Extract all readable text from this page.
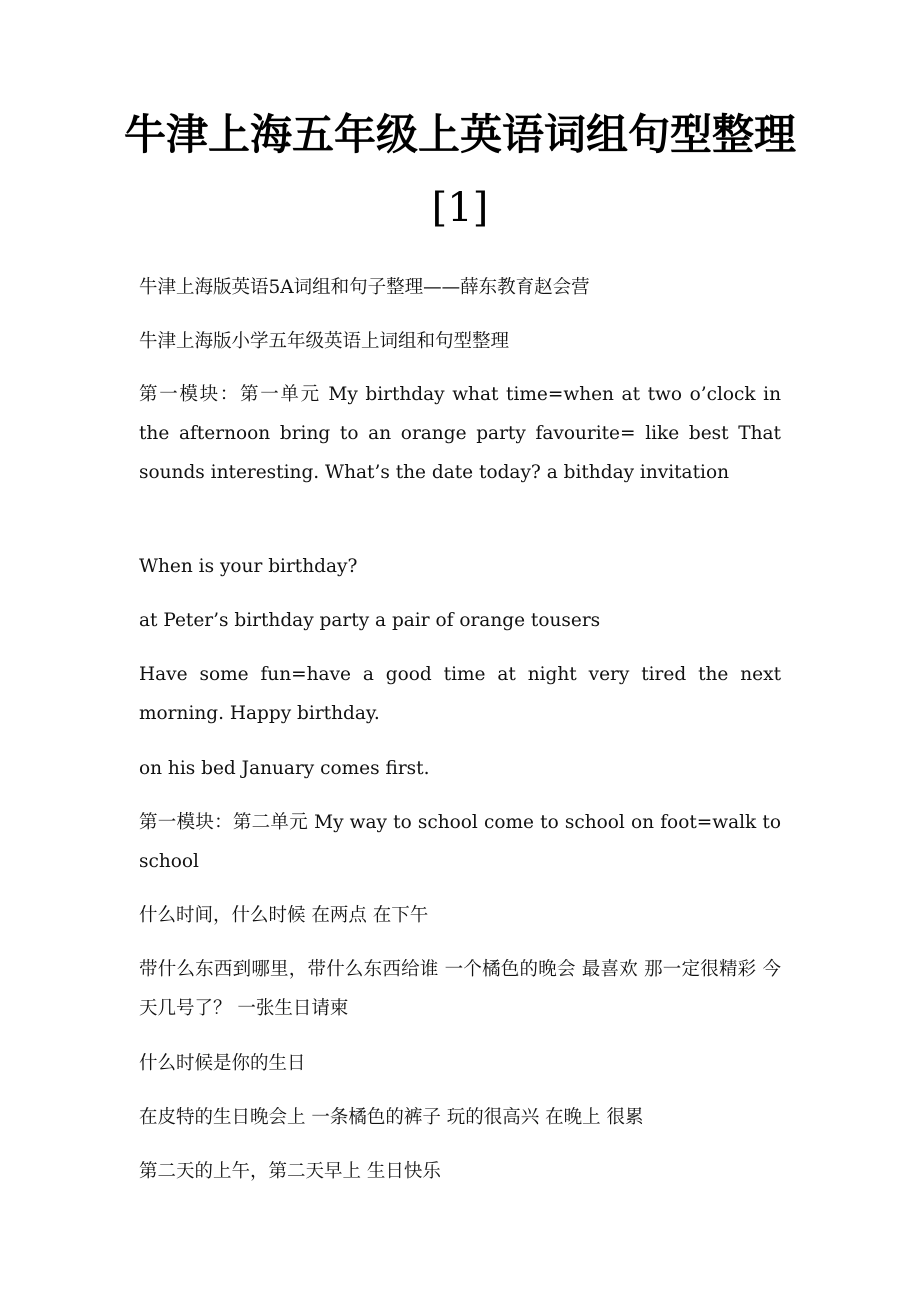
牛津上海五年级上英语词组句型整理
[1]

牛津上海版英语5A词组和句子整理——薛东教育赵会营

牛津上海版小学五年级英语上词组和句型整理

第一模块：第一单元 My birthday what time=when at two o’clock in the afternoon bring to an orange party favourite= like best That sounds interesting. What’s the date today? a bithday invitation

When is your birthday?

at Peter’s birthday party a pair of orange tousers

Have some fun=have a good time at night very tired the next morning. Happy birthday.

on his bed January comes first.

第一模块：第二单元 My way to school come to school on foot=walk to school

什么时间，什么时候 在两点 在下午

带什么东西到哪里，带什么东西给谁 一个橘色的晚会 最喜欢 那一定很精彩 今天几号了？ 一张生日请柬

什么时候是你的生日

在皮特的生日晚会上 一条橘色的裤子 玩的很高兴 在晚上 很累

第二天的上午，第二天早上 生日快乐
